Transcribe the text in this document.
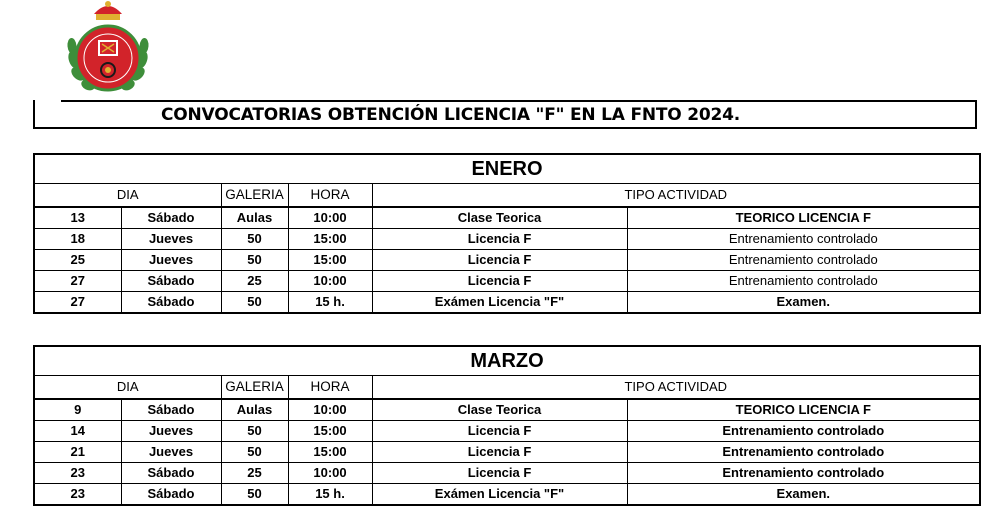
CONVOCATORIAS OBTENCIÓN LICENCIA "F" EN LA FNTO 2024.
ENERO					
DIA		GALERIA	HORA	TIPO ACTIVIDAD	
13	Sábado	Aulas	10:00	Clase Teorica	TEORICO LICENCIA F
18	Jueves	50	15:00	Licencia F	Entrenamiento controlado
25	Jueves	50	15:00	Licencia F	Entrenamiento controlado
27	Sábado	25	10:00	Licencia F	Entrenamiento controlado
27	Sábado	50	15 h.	Exámen Licencia "F"	Examen.
MARZO					
DIA		GALERIA	HORA	TIPO ACTIVIDAD	
9	Sábado	Aulas	10:00	Clase Teorica	TEORICO LICENCIA F
14	Jueves	50	15:00	Licencia F	Entrenamiento controlado
21	Jueves	50	15:00	Licencia F	Entrenamiento controlado
23	Sábado	25	10:00	Licencia F	Entrenamiento controlado
23	Sábado	50	15 h.	Exámen Licencia "F"	Examen.
